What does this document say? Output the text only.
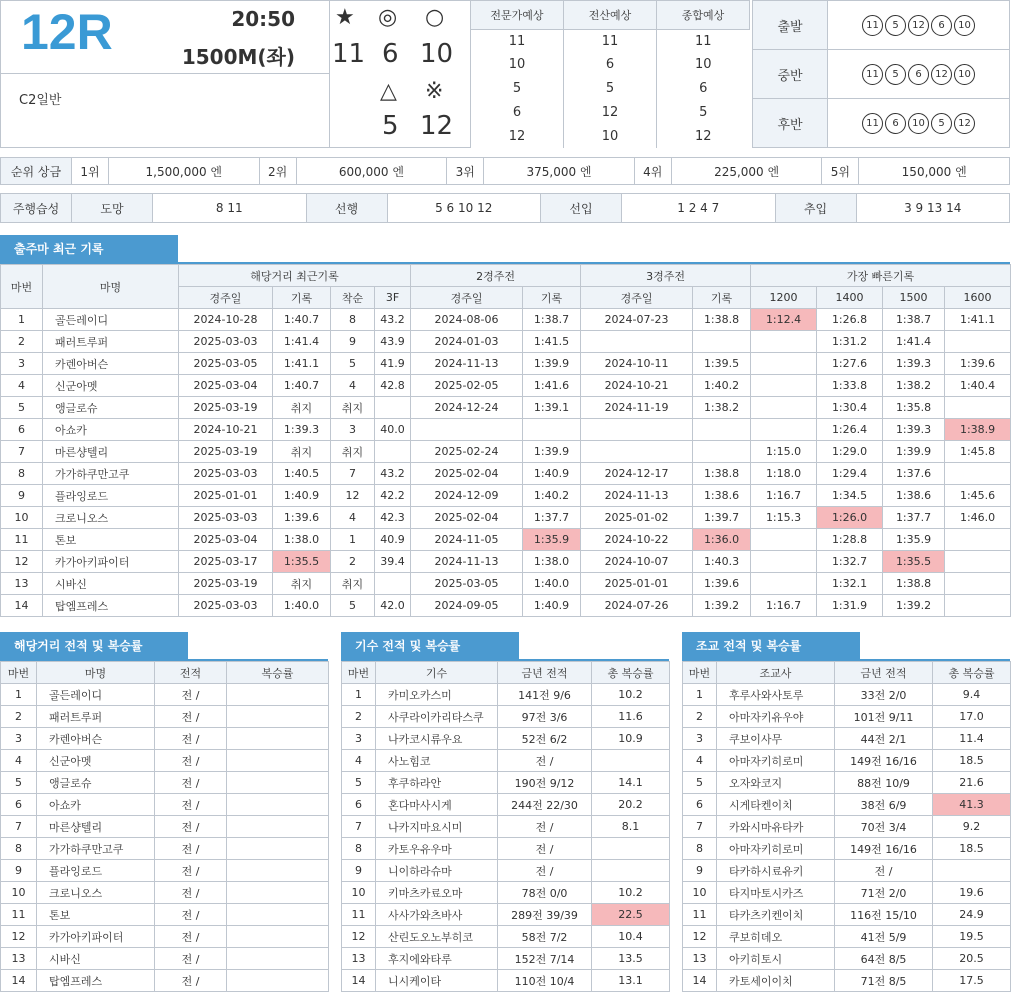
12R	20:50
1500M(좌)
C2일반
★ ◎ ○
11 6 10
△ ※
5 12
전문가예상	전산예상	종합예상
11	11	11
10	6	10
5	5	6
6	12	5
12	10	12
출발	11 5 12 6 10
중반	11 5 6 12 10
후반	11 6 10 5 12
순위 상금	1위	1,500,000 엔	2위	600,000 엔	3위	375,000 엔	4위	225,000 엔	5위	150,000 엔
주행습성	도망	8 11	선행	5 6 10 12	선입	1 2 4 7	추입	3 9 13 14
출주마 최근 기록
마번	마명	해당거리 최근기록				2경주전		3경주전		가장 빠른기록			
		경주일	기록	착순	3F	경주일	기록	경주일	기록	1200	1400	1500	1600
1	골든레이디	2024-10-28	1:40.7	8	43.2	2024-08-06	1:38.7	2024-07-23	1:38.8	1:12.4	1:26.8	1:38.7	1:41.1
2	패러트루퍼	2025-03-03	1:41.4	9	43.9	2024-01-03	1:41.5				1:31.2	1:41.4	
3	카렌아버슨	2025-03-05	1:41.1	5	41.9	2024-11-13	1:39.9	2024-10-11	1:39.5		1:27.6	1:39.3	1:39.6
4	신군아멧	2025-03-04	1:40.7	4	42.8	2025-02-05	1:41.6	2024-10-21	1:40.2		1:33.8	1:38.2	1:40.4
5	앵글로슈	2025-03-19	취지	취지		2024-12-24	1:39.1	2024-11-19	1:38.2		1:30.4	1:35.8	
6	아쇼카	2024-10-21	1:39.3	3	40.0						1:26.4	1:39.3	1:38.9
7	마른샹텔리	2025-03-19	취지	취지		2025-02-24	1:39.9			1:15.0	1:29.0	1:39.9	1:45.8
8	가가하쿠만고쿠	2025-03-03	1:40.5	7	43.2	2025-02-04	1:40.9	2024-12-17	1:38.8	1:18.0	1:29.4	1:37.6	
9	플라잉로드	2025-01-01	1:40.9	12	42.2	2024-12-09	1:40.2	2024-11-13	1:38.6	1:16.7	1:34.5	1:38.6	1:45.6
10	크로니오스	2025-03-03	1:39.6	4	42.3	2025-02-04	1:37.7	2025-01-02	1:39.7	1:15.3	1:26.0	1:37.7	1:46.0
11	톤보	2025-03-04	1:38.0	1	40.9	2024-11-05	1:35.9	2024-10-22	1:36.0		1:28.8	1:35.9	
12	카가아키파이터	2025-03-17	1:35.5	2	39.4	2024-11-13	1:38.0	2024-10-07	1:40.3		1:32.7	1:35.5	
13	시바신	2025-03-19	취지	취지		2025-03-05	1:40.0	2025-01-01	1:39.6		1:32.1	1:38.8	
14	탑엠프레스	2025-03-03	1:40.0	5	42.0	2024-09-05	1:40.9	2024-07-26	1:39.2	1:16.7	1:31.9	1:39.2	
해당거리 전적 및 복승률
마번	마명	전적	복승률
1	골든레이디	전 /	
2	패러트루퍼	전 /	
3	카렌아버슨	전 /	
4	신군아멧	전 /	
5	앵글로슈	전 /	
6	아쇼카	전 /	
7	마른샹텔리	전 /	
8	가가하쿠만고쿠	전 /	
9	플라잉로드	전 /	
10	크로니오스	전 /	
11	톤보	전 /	
12	카가아키파이터	전 /	
13	시바신	전 /	
14	탑엠프레스	전 /	
기수 전적 및 복승률
마번	기수	금년 전적	총 복승률
1	카미오카스미	141전 9/6	10.2
2	사쿠라이카리타스쿠	97전 3/6	11.6
3	나카코시류우요	52전 6/2	10.9
4	사노힘코	전 /	
5	후쿠하라안	190전 9/12	14.1
6	혼다마사시게	244전 22/30	20.2
7	나카지마요시미	전 /	8.1
8	카토우유우마	전 /	
9	니이하라슈마	전 /	
10	키마츠카료오마	78전 0/0	10.2
11	사사가와츠바사	289전 39/39	22.5
12	산린도오노부히코	58전 7/2	10.4
13	후지에와타루	152전 7/14	13.5
14	니시케이타	110전 10/4	13.1
조교 전적 및 복승률
마번	조교사	금년 전적	총 복승률
1	후루사와사토루	33전 2/0	9.4
2	아마자키유우야	101전 9/11	17.0
3	쿠보이사무	44전 2/1	11.4
4	아마자키히로미	149전 16/16	18.5
5	오자와코지	88전 10/9	21.6
6	시게타켄이치	38전 6/9	41.3
7	카와시마유타카	70전 3/4	9.2
8	아마자키히로미	149전 16/16	18.5
9	타카하시료유키	전 /	
10	타지마토시카즈	71전 2/0	19.6
11	타카츠키켄이치	116전 15/10	24.9
12	쿠보히데오	41전 5/9	19.5
13	아키히토시	64전 8/5	20.5
14	카토세이이치	71전 8/5	17.5
